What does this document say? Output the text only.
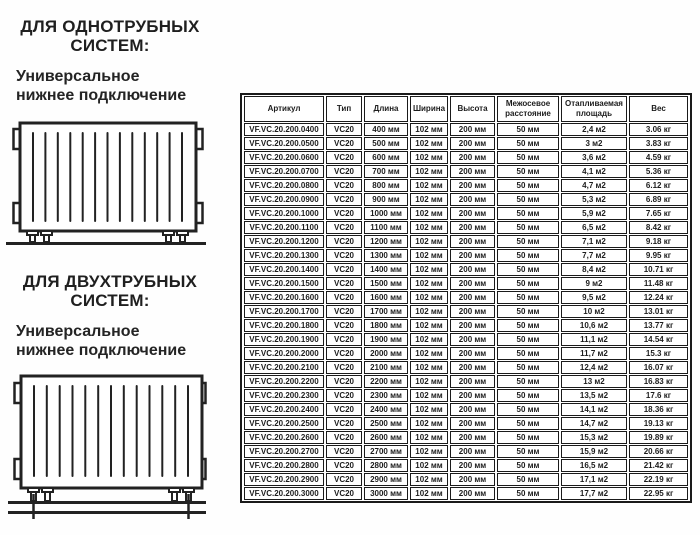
ДЛЯ ОДНОТРУБНЫХ
СИСТЕМ:
Универсальное
нижнее подключение
ДЛЯ ДВУХТРУБНЫХ
СИСТЕМ:
Универсальное
нижнее подключение
Артикул	Тип	Длина	Ширина	Высота	Межосевое расстояние	Отапливаемая площадь	Вес
VF.VC.20.200.0400	VC20	400 мм	102 мм	200 мм	50 мм	2,4 м2	3.06 кг
VF.VC.20.200.0500	VC20	500 мм	102 мм	200 мм	50 мм	3 м2	3.83 кг
VF.VC.20.200.0600	VC20	600 мм	102 мм	200 мм	50 мм	3,6 м2	4.59 кг
VF.VC.20.200.0700	VC20	700 мм	102 мм	200 мм	50 мм	4,1 м2	5.36 кг
VF.VC.20.200.0800	VC20	800 мм	102 мм	200 мм	50 мм	4,7 м2	6.12 кг
VF.VC.20.200.0900	VC20	900 мм	102 мм	200 мм	50 мм	5,3 м2	6.89 кг
VF.VC.20.200.1000	VC20	1000 мм	102 мм	200 мм	50 мм	5,9 м2	7.65 кг
VF.VC.20.200.1100	VC20	1100 мм	102 мм	200 мм	50 мм	6,5 м2	8.42 кг
VF.VC.20.200.1200	VC20	1200 мм	102 мм	200 мм	50 мм	7,1 м2	9.18 кг
VF.VC.20.200.1300	VC20	1300 мм	102 мм	200 мм	50 мм	7,7 м2	9.95 кг
VF.VC.20.200.1400	VC20	1400 мм	102 мм	200 мм	50 мм	8,4 м2	10.71 кг
VF.VC.20.200.1500	VC20	1500 мм	102 мм	200 мм	50 мм	9 м2	11.48 кг
VF.VC.20.200.1600	VC20	1600 мм	102 мм	200 мм	50 мм	9,5 м2	12.24 кг
VF.VC.20.200.1700	VC20	1700 мм	102 мм	200 мм	50 мм	10 м2	13.01 кг
VF.VC.20.200.1800	VC20	1800 мм	102 мм	200 мм	50 мм	10,6 м2	13.77 кг
VF.VC.20.200.1900	VC20	1900 мм	102 мм	200 мм	50 мм	11,1 м2	14.54 кг
VF.VC.20.200.2000	VC20	2000 мм	102 мм	200 мм	50 мм	11,7 м2	15.3 кг
VF.VC.20.200.2100	VC20	2100 мм	102 мм	200 мм	50 мм	12,4 м2	16.07 кг
VF.VC.20.200.2200	VC20	2200 мм	102 мм	200 мм	50 мм	13 м2	16.83 кг
VF.VC.20.200.2300	VC20	2300 мм	102 мм	200 мм	50 мм	13,5 м2	17.6 кг
VF.VC.20.200.2400	VC20	2400 мм	102 мм	200 мм	50 мм	14,1 м2	18.36 кг
VF.VC.20.200.2500	VC20	2500 мм	102 мм	200 мм	50 мм	14,7 м2	19.13 кг
VF.VC.20.200.2600	VC20	2600 мм	102 мм	200 мм	50 мм	15,3 м2	19.89 кг
VF.VC.20.200.2700	VC20	2700 мм	102 мм	200 мм	50 мм	15,9 м2	20.66 кг
VF.VC.20.200.2800	VC20	2800 мм	102 мм	200 мм	50 мм	16,5 м2	21.42 кг
VF.VC.20.200.2900	VC20	2900 мм	102 мм	200 мм	50 мм	17,1 м2	22.19 кг
VF.VC.20.200.3000	VC20	3000 мм	102 мм	200 мм	50 мм	17,7 м2	22.95 кг
